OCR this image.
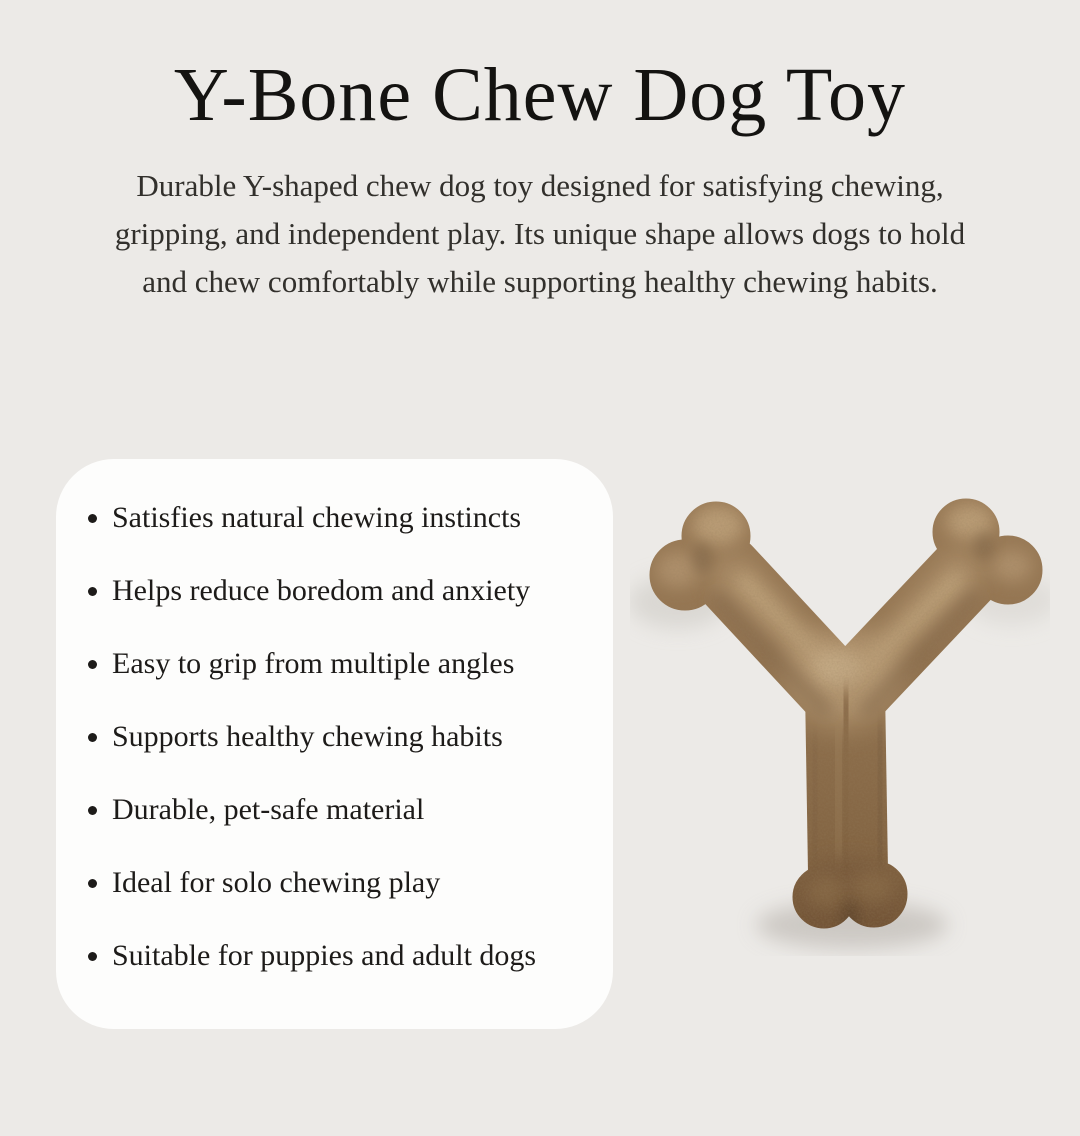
Y-Bone Chew Dog Toy

Durable Y-shaped chew dog toy designed for satisfying chewing, gripping, and independent play. Its unique shape allows dogs to hold and chew comfortably while supporting healthy chewing habits.

Satisfies natural chewing instincts
Helps reduce boredom and anxiety
Easy to grip from multiple angles
Supports healthy chewing habits
Durable, pet-safe material
Ideal for solo chewing play
Suitable for puppies and adult dogs
